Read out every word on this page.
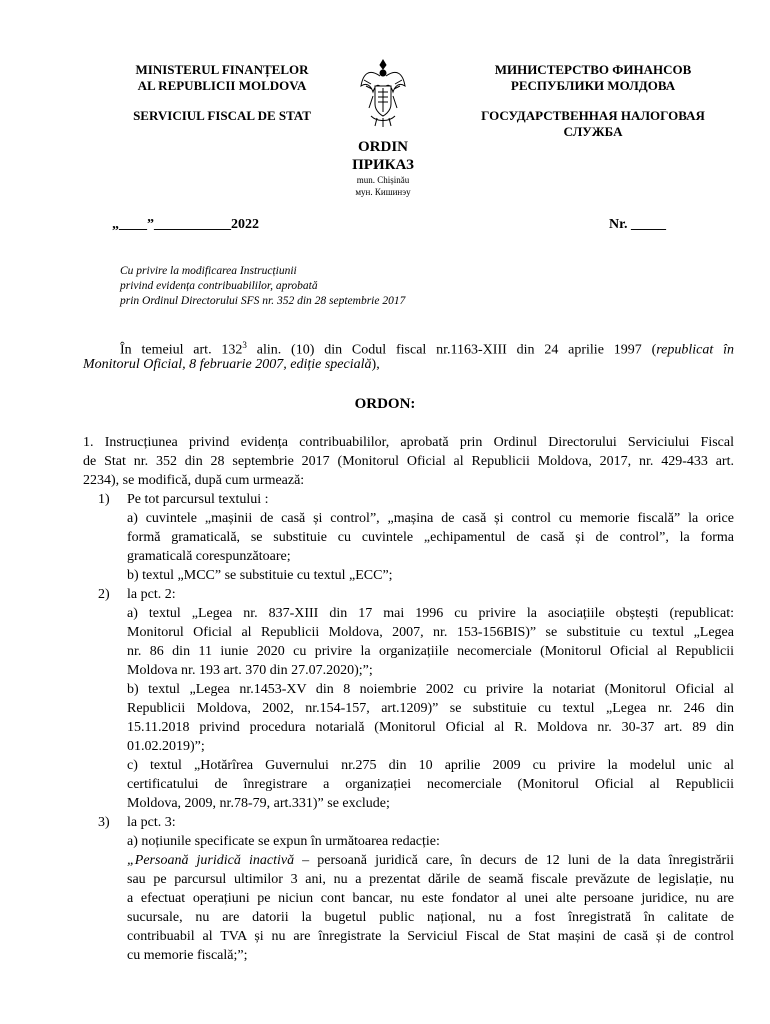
MINISTERUL FINANȚELOR
AL REPUBLICII MOLDOVA
SERVICIUL FISCAL DE STAT
МИНИСТЕРСТВО ФИНАНСОВ
РЕСПУБЛИКИ МОЛДОВА
ГОСУДАРСТВЕННАЯ НАЛОГОВАЯ
СЛУЖБА
ORDIN
ПРИКАЗ
mun. Chișinău
мун. Кишинэу
„____”___________2022	Nr. _____
Cu privire la modificarea Instrucțiunii
privind evidența contribuabililor, aprobată
prin Ordinul Directorului SFS nr. 352 din 28 septembrie 2017
În temeiul art. $132^3$ alin. (10) din Codul fiscal nr.1163-XIII din 24 aprilie 1997 (republicat în
Monitorul Oficial, 8 februarie 2007, ediție specială),
ORDON:
1. Instrucțiunea privind evidența contribuabililor, aprobată prin Ordinul Directorului Serviciului Fiscal
de Stat nr. 352 din 28 septembrie 2017 (Monitorul Oficial al Republicii Moldova, 2017, nr. 429-433 art.
2234), se modifică, după cum urmează:
1) Pe tot parcursul textului :
a) cuvintele „mașinii de casă și control”, „mașina de casă și control cu memorie fiscală” la orice
formă gramaticală, se substituie cu cuvintele „echipamentul de casă și de control”, la forma
gramaticală corespunzătoare;
b) textul „MCC” se substituie cu textul „ECC”;
2) la pct. 2:
a) textul „Legea nr. 837-XIII din 17 mai 1996 cu privire la asociațiile obștești (republicat:
Monitorul Oficial al Republicii Moldova, 2007, nr. 153-156BIS)” se substituie cu textul „Legea
nr. 86 din 11 iunie 2020 cu privire la organizațiile necomerciale (Monitorul Oficial al Republicii
Moldova nr. 193 art. 370 din 27.07.2020);”;
b) textul „Legea nr.1453-XV din 8 noiembrie 2002 cu privire la notariat (Monitorul Oficial al
Republicii Moldova, 2002, nr.154-157, art.1209)” se substituie cu textul „Legea nr. 246 din
15.11.2018 privind procedura notarială (Monitorul Oficial al R. Moldova nr. 30-37 art. 89 din
01.02.2019)”;
c) textul „Hotărîrea Guvernului nr.275 din 10 aprilie 2009 cu privire la modelul unic al
certificatului de înregistrare a organizației necomerciale (Monitorul Oficial al Republicii
Moldova, 2009, nr.78-79, art.331)” se exclude;
3) la pct. 3:
a) noțiunile specificate se expun în următoarea redacție:
„Persoană juridică inactivă – persoană juridică care, în decurs de 12 luni de la data înregistrării
sau pe parcursul ultimilor 3 ani, nu a prezentat dările de seamă fiscale prevăzute de legislație, nu
a efectuat operațiuni pe niciun cont bancar, nu este fondator al unei alte persoane juridice, nu are
sucursale, nu are datorii la bugetul public național, nu a fost înregistrată în calitate de
contribuabil al TVA și nu are înregistrate la Serviciul Fiscal de Stat mașini de casă și de control
cu memorie fiscală;”;
